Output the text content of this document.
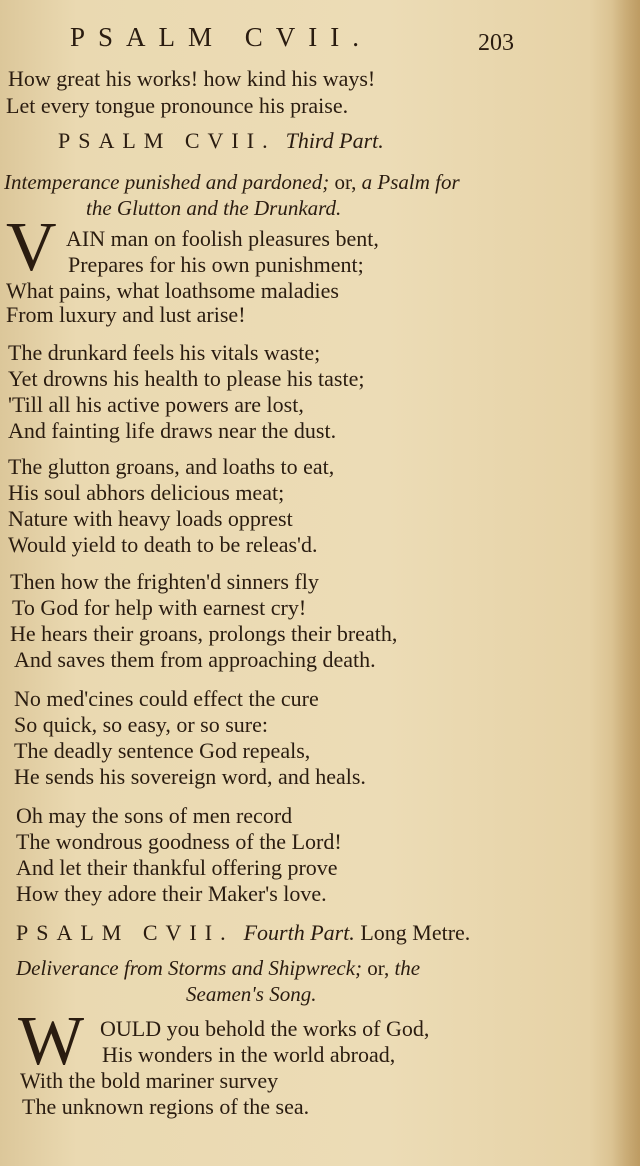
PSALM CVII.	203
How great his works! how kind his ways!
Let every tongue pronounce his praise.
PSALM CVII. Third Part.
Intemperance punished and pardoned; or, a Psalm for
the Glutton and the Drunkard.
V AIN man on foolish pleasures bent,
Prepares for his own punishment;
What pains, what loathsome maladies
From luxury and lust arise!
The drunkard feels his vitals waste;
Yet drowns his health to please his taste;
'Till all his active powers are lost,
And fainting life draws near the dust.
The glutton groans, and loaths to eat,
His soul abhors delicious meat;
Nature with heavy loads opprest
Would yield to death to be releas'd.
Then how the frighten'd sinners fly
To God for help with earnest cry!
He hears their groans, prolongs their breath,
And saves them from approaching death.
No med'cines could effect the cure
So quick, so easy, or so sure:
The deadly sentence God repeals,
He sends his sovereign word, and heals.
Oh may the sons of men record
The wondrous goodness of the Lord!
And let their thankful offering prove
How they adore their Maker's love.
PSALM CVII. Fourth Part. Long Metre.
Deliverance from Storms and Shipwreck; or, the
Seamen's Song.
W OULD you behold the works of God,
His wonders in the world abroad,
With the bold mariner survey
The unknown regions of the sea.
